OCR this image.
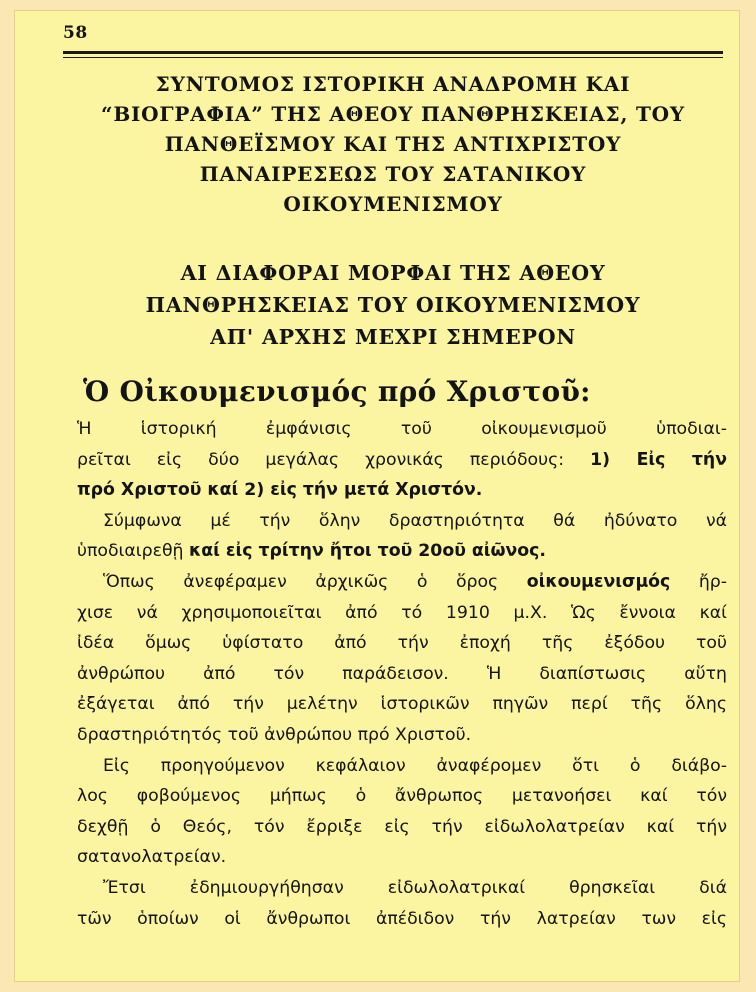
58
ΣΥΝΤΟΜΟΣ ΙΣΤΟΡΙΚΗ ΑΝΑΔΡΟΜΗ ΚΑΙ
“ΒΙΟΓΡΑΦΙΑ” ΤΗΣ ΑΘΕΟΥ ΠΑΝΘΡΗΣΚΕΙΑΣ, ΤΟΥ
ΠΑΝΘΕΪΣΜΟΥ ΚΑΙ ΤΗΣ ΑΝΤΙΧΡΙΣΤΟΥ
ΠΑΝΑΙΡΕΣΕΩΣ ΤΟΥ ΣΑΤΑΝΙΚΟΥ
ΟΙΚΟΥΜΕΝΙΣΜΟΥ
ΑΙ ΔΙΑΦΟΡΑΙ ΜΟΡΦΑΙ ΤΗΣ ΑΘΕΟΥ
ΠΑΝΘΡΗΣΚΕΙΑΣ ΤΟΥ ΟΙΚΟΥΜΕΝΙΣΜΟΥ
ΑΠ' ΑΡΧΗΣ ΜΕΧΡΙ ΣΗΜΕΡΟΝ
Ὁ Οἰκουμενισμός πρό Χριστοῦ:
Ἡ ἱστορική ἐμφάνισις τοῦ οἰκουμενισμοῦ ὑποδιαι-
ρεῖται εἰς δύο μεγάλας χρονικάς περιόδους: 1) Εἰς τήν
πρό Χριστοῦ καί 2) εἰς τήν μετά Χριστόν.
Σύμφωνα μέ τήν ὅλην δραστηριότητα θά ἠδύνατο νά
ὑποδιαιρεθῇ καί εἰς τρίτην ἤτοι τοῦ 20οῦ αἰῶνος.
Ὅπως ἀνεφέραμεν ἀρχικῶς ὁ ὅρος οἰκουμενισμός ἤρ-
χισε νά χρησιμοποιεῖται ἀπό τό 1910 μ.Χ. Ὡς ἔννοια καί
ἰδέα ὅμως ὑφίστατο ἀπό τήν ἐποχή τῆς ἐξόδου τοῦ
ἀνθρώπου ἀπό τόν παράδεισον. Ἡ διαπίστωσις αὕτη
ἐξάγεται ἀπό τήν μελέτην ἱστορικῶν πηγῶν περί τῆς ὅλης
δραστηριότητός τοῦ ἀνθρώπου πρό Χριστοῦ.
Εἰς προηγούμενον κεφάλαιον ἀναφέρομεν ὅτι ὁ διάβο-
λος φοβούμενος μήπως ὁ ἄνθρωπος μετανοήσει καί τόν
δεχθῇ ὁ Θεός, τόν ἔρριξε εἰς τήν εἰδωλολατρείαν καί τήν
σατανολατρείαν.
Ἔτσι ἐδημιουργήθησαν εἰδωλολατρικαί θρησκεῖαι διά
τῶν ὁποίων οἱ ἄνθρωποι ἀπέδιδον τήν λατρείαν των εἰς
